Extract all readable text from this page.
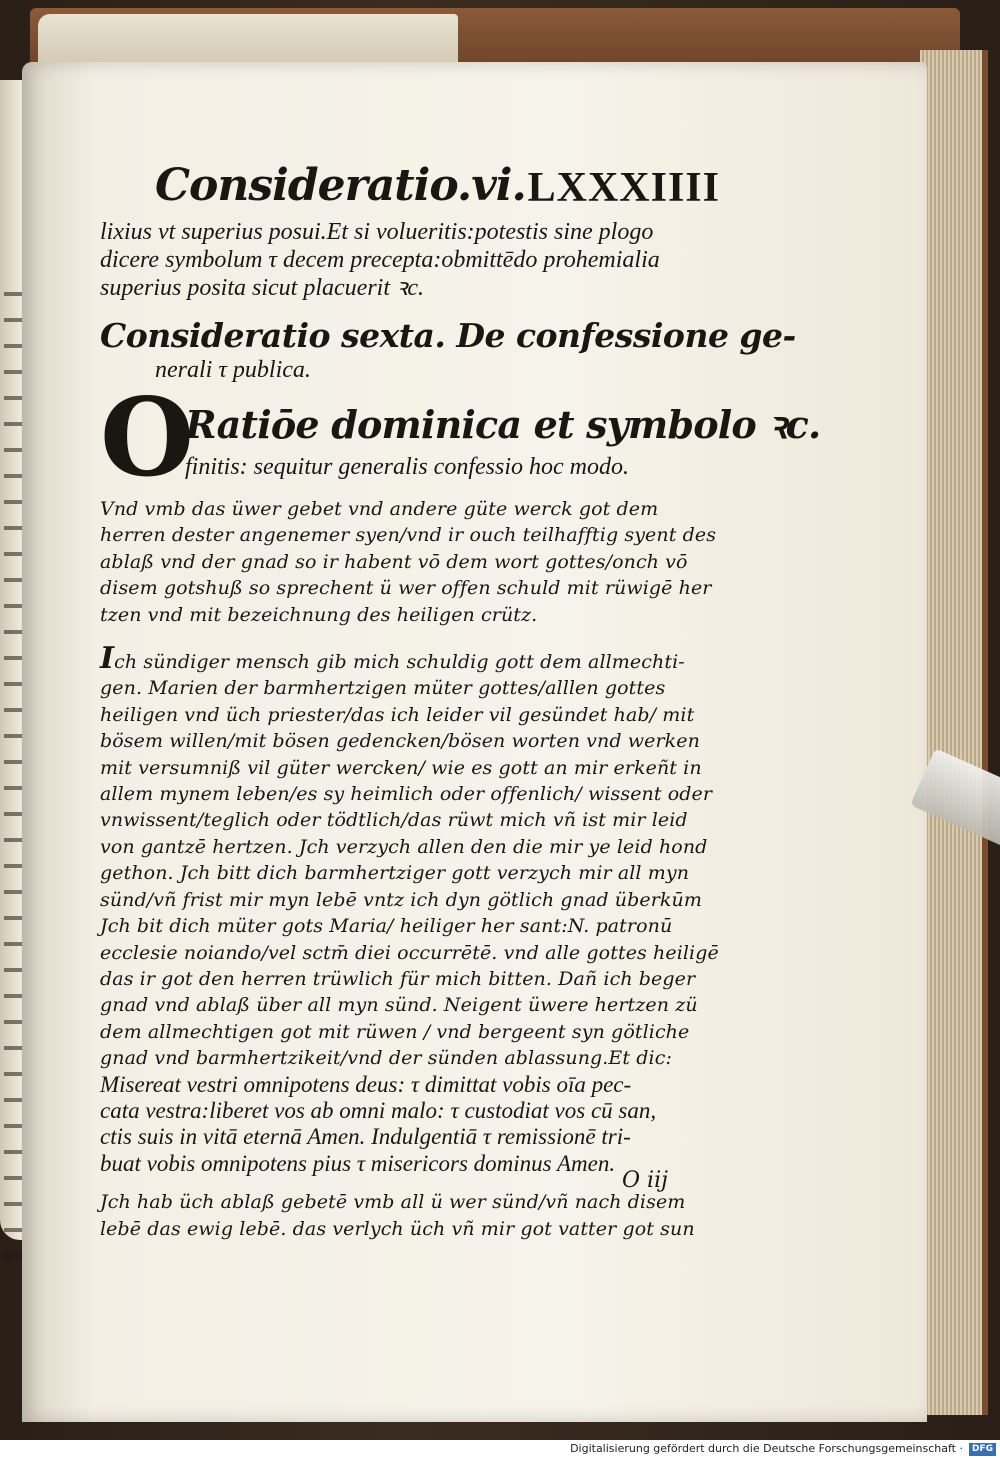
Consideratio.vi. LXXXIIII
lixius vt superius posui.Et si volueritis:potestis sine plogo
dicere symbolum τ decem precepta:obmittēdo prohemialia
superius posita sicut placuerit ꝛc.
Consideratio sexta. De confessione ge-
nerali τ publica.
O
Ratiōe dominica et symbolo ꝛc.
finitis: sequitur generalis confessio hoc modo.
Vnd vmb das üwer gebet vnd andere güte werck got dem
herren dester angenemer syen/vnd ir ouch teilhafftig syent des
ablaß vnd der gnad so ir habent vō dem wort gottes/onch vō
disem gotshuß so sprechent ü wer offen schuld mit rüwigē her
tzen vnd mit bezeichnung des heiligen crütz.
Ich sündiger mensch gib mich schuldig gott dem allmechti-
gen. Marien der barmhertzigen müter gottes/alllen gottes
heiligen vnd üch priester/das ich leider vil gesündet hab/ mit
bösem willen/mit bösen gedencken/bösen worten vnd werken
mit versumniß vil güter wercken/ wie es gott an mir erkeñt in
allem mynem leben/es sy heimlich oder offenlich/ wissent oder
vnwissent/teglich oder tödtlich/das rüwt mich vñ ist mir leid
von gantzē hertzen. Jch verzych allen den die mir ye leid hond
gethon. Jch bitt dich barmhertziger gott verzych mir all myn
sünd/vñ frist mir myn lebē vntz ich dyn götlich gnad überkūm
Jch bit dich müter gots Maria/ heiliger her sant:N. patronū
ecclesie noiando/vel sctm̄ diei occurrētē. vnd alle gottes heiligē
das ir got den herren trüwlich für mich bitten. Dañ ich beger
gnad vnd ablaß über all myn sünd. Neigent üwere hertzen zü
dem allmechtigen got mit rüwen / vnd bergeent syn götliche
gnad vnd barmhertzikeit/vnd der sünden ablassung.Et dic:
Misereat vestri omnipotens deus: τ dimittat vobis oīa pec-
cata vestra:liberet vos ab omni malo: τ custodiat vos cū san,
ctis suis in vitā eternā Amen. Indulgentiā τ remissionē tri-
buat vobis omnipotens pius τ misericors dominus Amen.
Jch hab üch ablaß gebetē vmb all ü wer sünd/vñ nach disem
lebē das ewig lebē. das verlych üch vñ mir got vatter got sun
O iij
Digitalisierung gefördert durch die Deutsche Forschungsgemeinschaft · DFG
